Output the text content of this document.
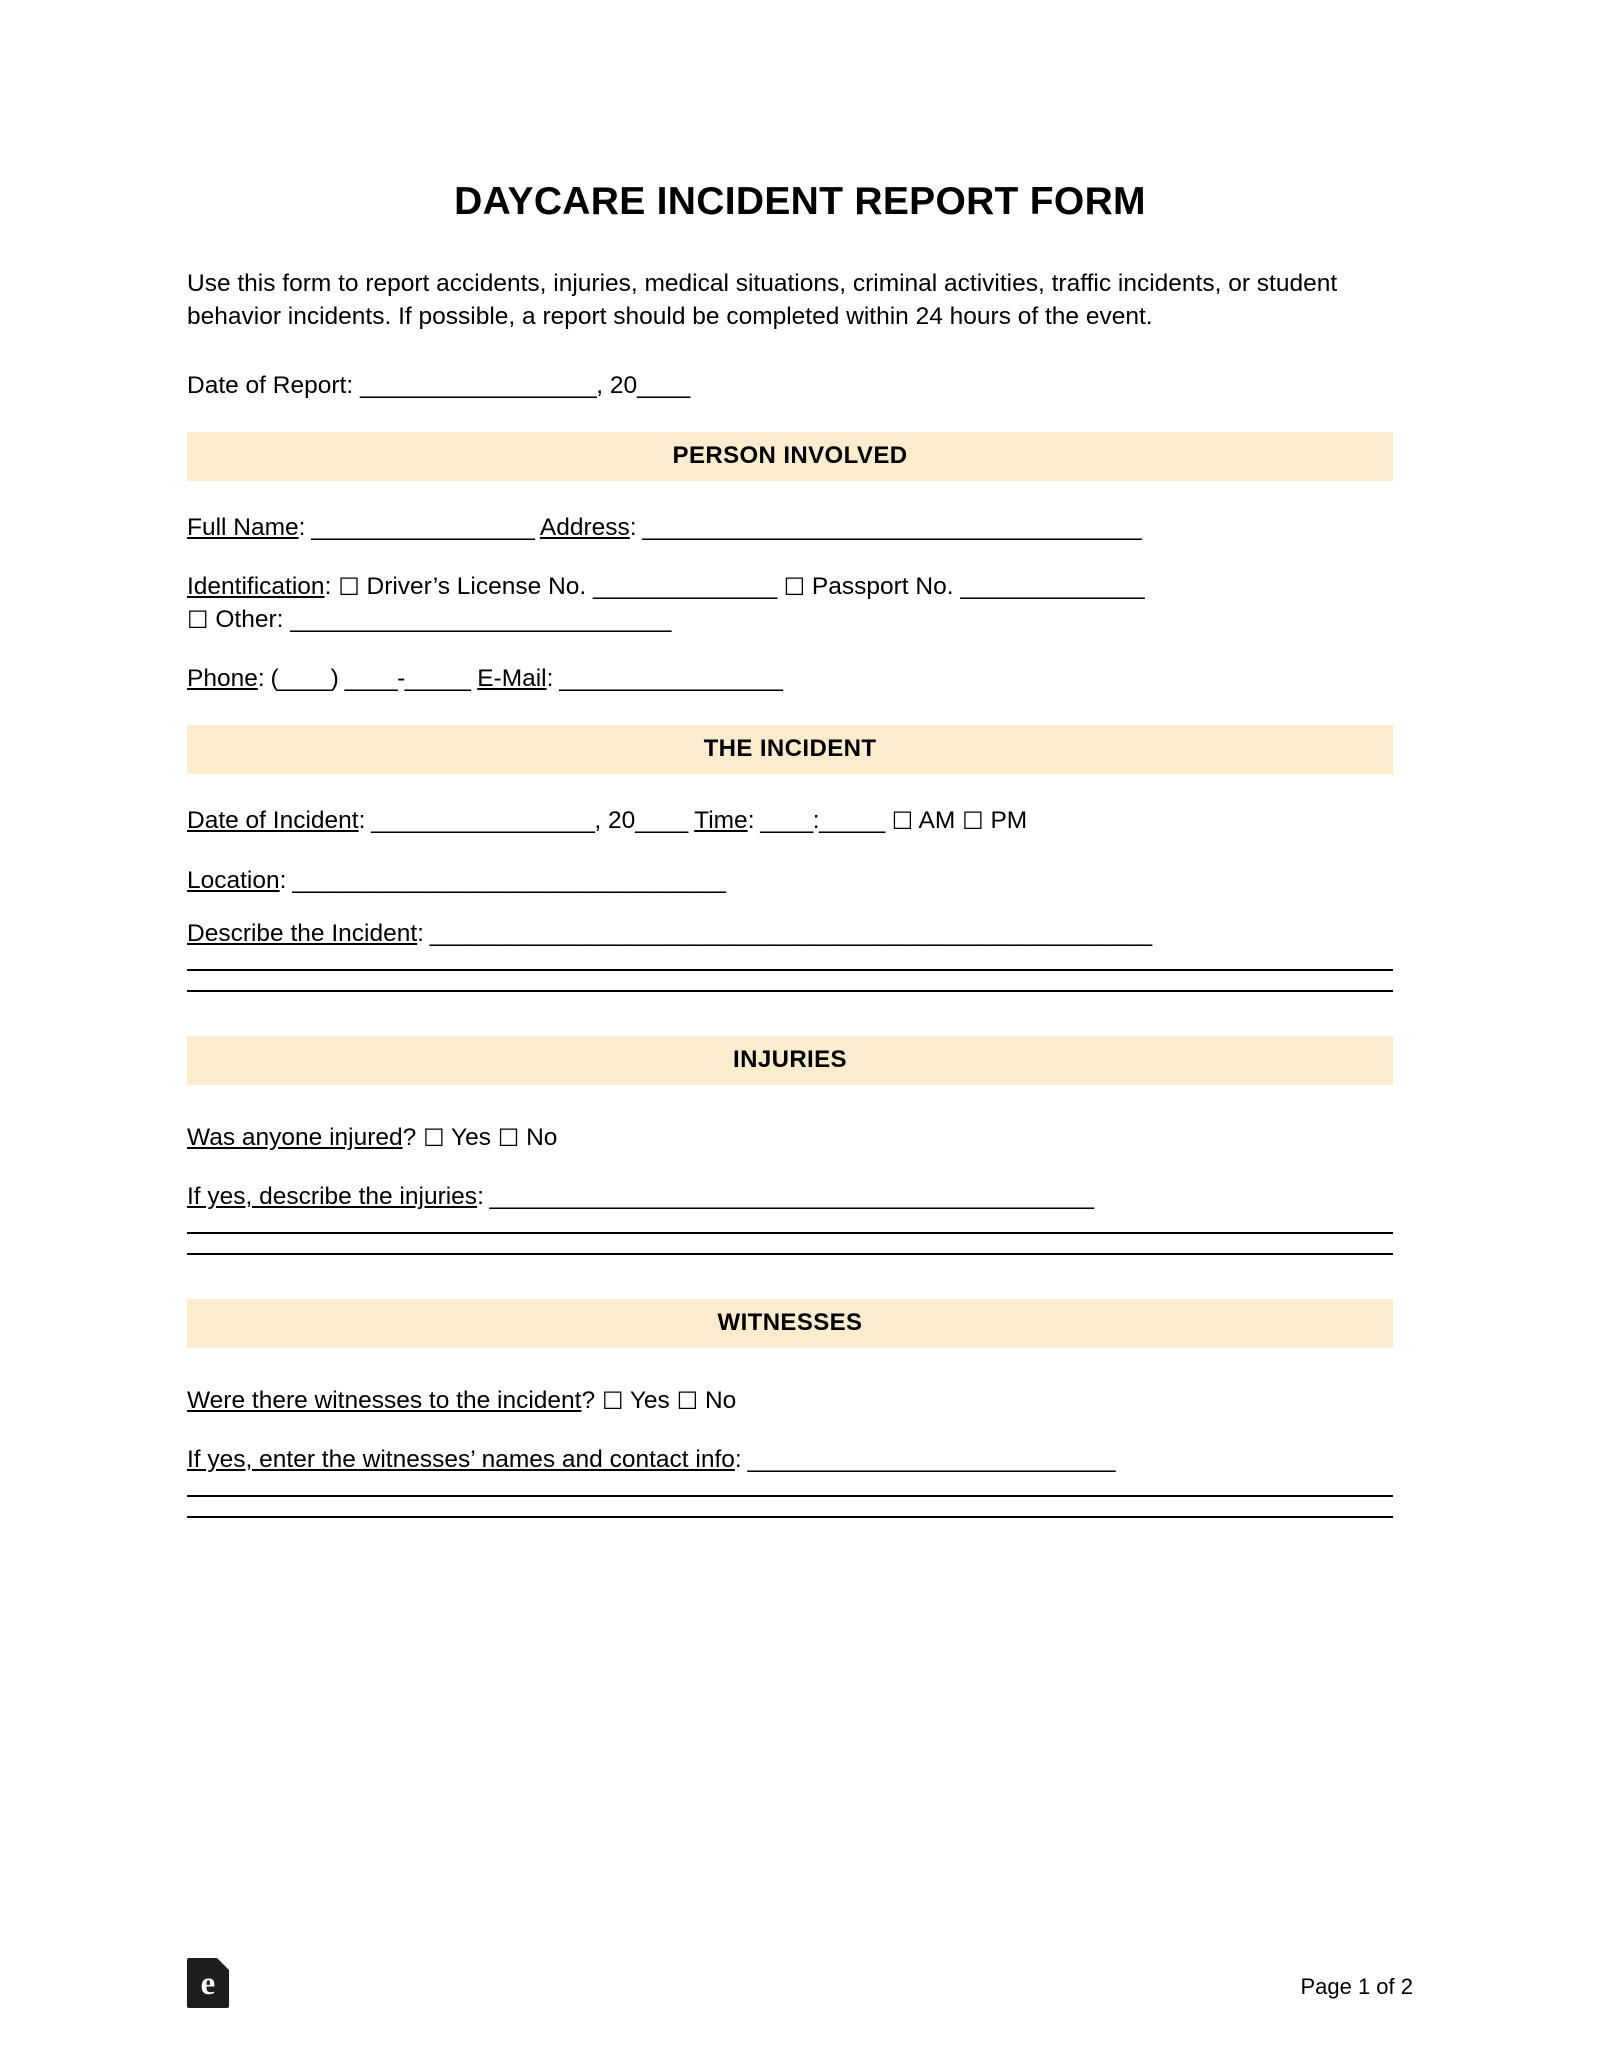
DAYCARE INCIDENT REPORT FORM

Use this form to report accidents, injuries, medical situations, criminal activities, traffic incidents, or student behavior incidents. If possible, a report should be completed within 24 hours of the event.

Date of Report: __________________, 20____

PERSON INVOLVED

Full Name: _________________ Address: ______________________________________

Identification: ☐ Driver’s License No. ______________ ☐ Passport No. ______________
☐ Other: _____________________________

Phone: (____) ____-_____ E-Mail: _________________

THE INCIDENT

Date of Incident: _________________, 20____ Time: ____:_____ ☐ AM ☐ PM

Location: _________________________________

Describe the Incident: _______________________________________________________

INJURIES

Was anyone injured? ☐ Yes ☐ No

If yes, describe the injuries: ______________________________________________

WITNESSES

Were there witnesses to the incident? ☐ Yes ☐ No

If yes, enter the witnesses’ names and contact info: ____________________________

e	Page 1 of 2
